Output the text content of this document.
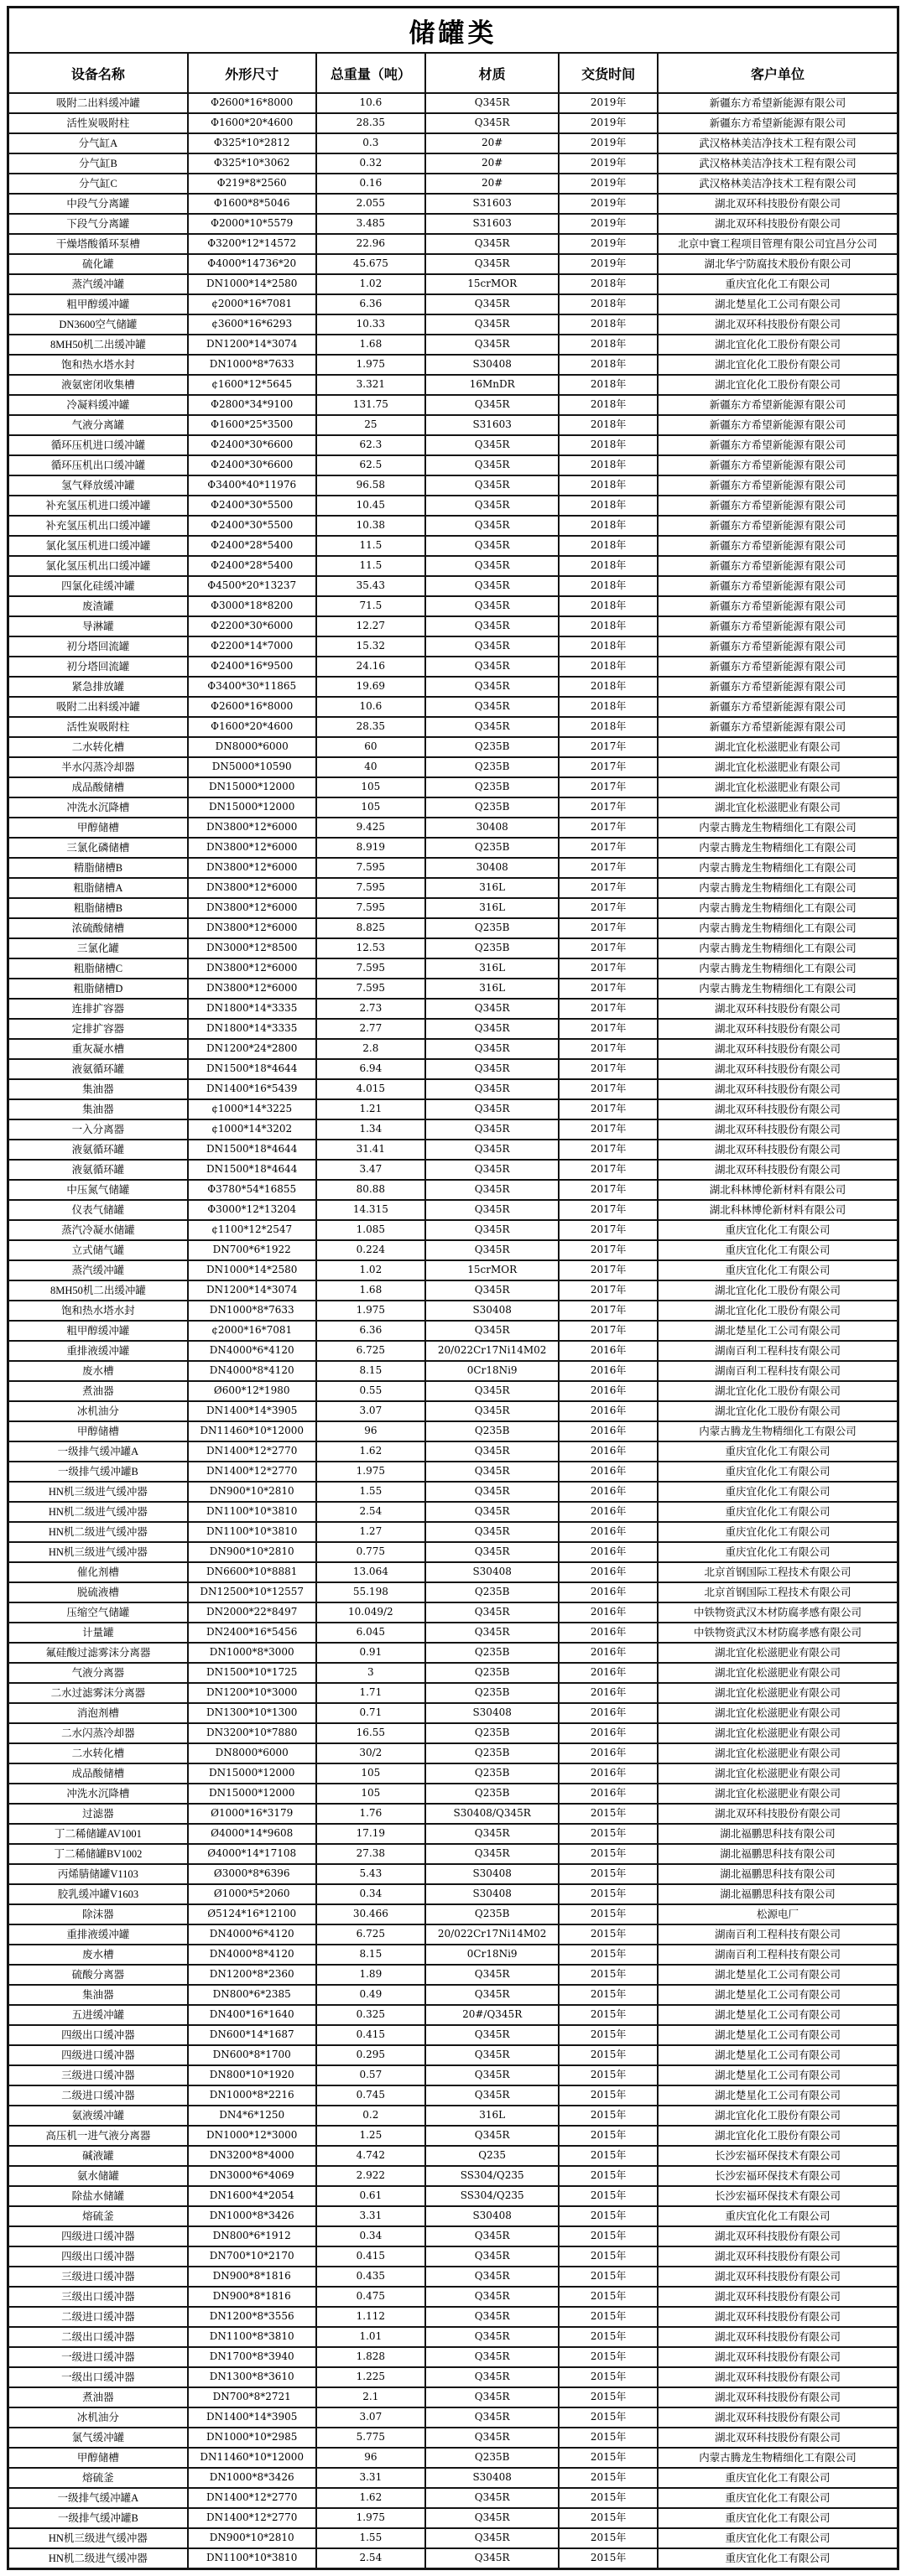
储罐类					
设备名称	外形尺寸	总重量（吨）	材质	交货时间	客户单位
吸附二出料缓冲罐	Φ2600*16*8000	10.6	Q345R	2019年	新疆东方希望新能源有限公司
活性炭吸附柱	Φ1600*20*4600	28.35	Q345R	2019年	新疆东方希望新能源有限公司
分气缸A	Φ325*10*2812	0.3	20#	2019年	武汉格林美洁净技术工程有限公司
分气缸B	Φ325*10*3062	0.32	20#	2019年	武汉格林美洁净技术工程有限公司
分气缸C	Φ219*8*2560	0.16	20#	2019年	武汉格林美洁净技术工程有限公司
中段气分离罐	Φ1600*8*5046	2.055	S31603	2019年	湖北双环科技股份有限公司
下段气分离罐	Φ2000*10*5579	3.485	S31603	2019年	湖北双环科技股份有限公司
干燥塔酸循环泵槽	Φ3200*12*14572	22.96	Q345R	2019年	北京中寰工程项目管理有限公司宜昌分公司
硫化罐	Φ4000*14736*20	45.675	Q345R	2019年	湖北华宁防腐技术股份有限公司
蒸汽缓冲罐	DN1000*14*2580	1.02	15crMOR	2018年	重庆宜化化工有限公司
粗甲醇缓冲罐	¢2000*16*7081	6.36	Q345R	2018年	湖北楚星化工公司有限公司
DN3600空气储罐	¢3600*16*6293	10.33	Q345R	2018年	湖北双环科技股份有限公司
8MH50机二出缓冲罐	DN1200*14*3074	1.68	Q345R	2018年	湖北宜化化工股份有限公司
饱和热水塔水封	DN1000*8*7633	1.975	S30408	2018年	湖北宜化化工股份有限公司
液氨密闭收集槽	¢1600*12*5645	3.321	16MnDR	2018年	湖北宜化化工股份有限公司
冷凝料缓冲罐	Φ2800*34*9100	131.75	Q345R	2018年	新疆东方希望新能源有限公司
气液分离罐	Φ1600*25*3500	25	S31603	2018年	新疆东方希望新能源有限公司
循环压机进口缓冲罐	Φ2400*30*6600	62.3	Q345R	2018年	新疆东方希望新能源有限公司
循环压机出口缓冲罐	Φ2400*30*6600	62.5	Q345R	2018年	新疆东方希望新能源有限公司
氢气释放缓冲罐	Φ3400*40*11976	96.58	Q345R	2018年	新疆东方希望新能源有限公司
补充氢压机进口缓冲罐	Φ2400*30*5500	10.45	Q345R	2018年	新疆东方希望新能源有限公司
补充氢压机出口缓冲罐	Φ2400*30*5500	10.38	Q345R	2018年	新疆东方希望新能源有限公司
氯化氢压机进口缓冲罐	Φ2400*28*5400	11.5	Q345R	2018年	新疆东方希望新能源有限公司
氯化氢压机出口缓冲罐	Φ2400*28*5400	11.5	Q345R	2018年	新疆东方希望新能源有限公司
四氯化硅缓冲罐	Φ4500*20*13237	35.43	Q345R	2018年	新疆东方希望新能源有限公司
废渣罐	Φ3000*18*8200	71.5	Q345R	2018年	新疆东方希望新能源有限公司
导淋罐	Φ2200*30*6000	12.27	Q345R	2018年	新疆东方希望新能源有限公司
初分塔回流罐	Φ2200*14*7000	15.32	Q345R	2018年	新疆东方希望新能源有限公司
初分塔回流罐	Φ2400*16*9500	24.16	Q345R	2018年	新疆东方希望新能源有限公司
紧急排放罐	Φ3400*30*11865	19.69	Q345R	2018年	新疆东方希望新能源有限公司
吸附二出料缓冲罐	Φ2600*16*8000	10.6	Q345R	2018年	新疆东方希望新能源有限公司
活性炭吸附柱	Φ1600*20*4600	28.35	Q345R	2018年	新疆东方希望新能源有限公司
二水转化槽	DN8000*6000	60	Q235B	2017年	湖北宜化松滋肥业有限公司
半水闪蒸冷却器	DN5000*10590	40	Q235B	2017年	湖北宜化松滋肥业有限公司
成品酸储槽	DN15000*12000	105	Q235B	2017年	湖北宜化松滋肥业有限公司
冲洗水沉降槽	DN15000*12000	105	Q235B	2017年	湖北宜化松滋肥业有限公司
甲醇储槽	DN3800*12*6000	9.425	30408	2017年	内蒙古腾龙生物精细化工有限公司
三氯化磷储槽	DN3800*12*6000	8.919	Q235B	2017年	内蒙古腾龙生物精细化工有限公司
精脂储槽B	DN3800*12*6000	7.595	30408	2017年	内蒙古腾龙生物精细化工有限公司
粗脂储槽A	DN3800*12*6000	7.595	316L	2017年	内蒙古腾龙生物精细化工有限公司
粗脂储槽B	DN3800*12*6000	7.595	316L	2017年	内蒙古腾龙生物精细化工有限公司
浓硫酸储槽	DN3800*12*6000	8.825	Q235B	2017年	内蒙古腾龙生物精细化工有限公司
三氯化罐	DN3000*12*8500	12.53	Q235B	2017年	内蒙古腾龙生物精细化工有限公司
粗脂储槽C	DN3800*12*6000	7.595	316L	2017年	内蒙古腾龙生物精细化工有限公司
粗脂储槽D	DN3800*12*6000	7.595	316L	2017年	内蒙古腾龙生物精细化工有限公司
连排扩容器	DN1800*14*3335	2.73	Q345R	2017年	湖北双环科技股份有限公司
定排扩容器	DN1800*14*3335	2.77	Q345R	2017年	湖北双环科技股份有限公司
重灰凝水槽	DN1200*24*2800	2.8	Q345R	2017年	湖北双环科技股份有限公司
液氨循环罐	DN1500*18*4644	6.94	Q345R	2017年	湖北双环科技股份有限公司
集油器	DN1400*16*5439	4.015	Q345R	2017年	湖北双环科技股份有限公司
集油器	¢1000*14*3225	1.21	Q345R	2017年	湖北双环科技股份有限公司
一入分离器	¢1000*14*3202	1.34	Q345R	2017年	湖北双环科技股份有限公司
液氨循环罐	DN1500*18*4644	31.41	Q345R	2017年	湖北双环科技股份有限公司
液氨循环罐	DN1500*18*4644	3.47	Q345R	2017年	湖北双环科技股份有限公司
中压氮气储罐	Φ3780*54*16855	80.88	Q345R	2017年	湖北科林博伦新材料有限公司
仪表气储罐	Φ3000*12*13204	14.315	Q345R	2017年	湖北科林博伦新材料有限公司
蒸汽冷凝水储罐	¢1100*12*2547	1.085	Q345R	2017年	重庆宜化化工有限公司
立式储气罐	DN700*6*1922	0.224	Q345R	2017年	重庆宜化化工有限公司
蒸汽缓冲罐	DN1000*14*2580	1.02	15crMOR	2017年	重庆宜化化工有限公司
8MH50机二出缓冲罐	DN1200*14*3074	1.68	Q345R	2017年	湖北宜化化工股份有限公司
饱和热水塔水封	DN1000*8*7633	1.975	S30408	2017年	湖北宜化化工股份有限公司
粗甲醇缓冲罐	¢2000*16*7081	6.36	Q345R	2017年	湖北楚星化工公司有限公司
重排液缓冲罐	DN4000*6*4120	6.725	20/022Cr17Ni14M02	2016年	湖南百利工程科技有限公司
废水槽	DN4000*8*4120	8.15	0Cr18Ni9	2016年	湖南百利工程科技有限公司
煮油器	Ø600*12*1980	0.55	Q345R	2016年	湖北宜化化工股份有限公司
冰机油分	DN1400*14*3905	3.07	Q345R	2016年	湖北宜化化工股份有限公司
甲醇储槽	DN11460*10*12000	96	Q235B	2016年	内蒙古腾龙生物精细化工有限公司
一级排气缓冲罐A	DN1400*12*2770	1.62	Q345R	2016年	重庆宜化化工有限公司
一级排气缓冲罐B	DN1400*12*2770	1.975	Q345R	2016年	重庆宜化化工有限公司
HN机三级进气缓冲器	DN900*10*2810	1.55	Q345R	2016年	重庆宜化化工有限公司
HN机二级进气缓冲器	DN1100*10*3810	2.54	Q345R	2016年	重庆宜化化工有限公司
HN机二级进气缓冲器	DN1100*10*3810	1.27	Q345R	2016年	重庆宜化化工有限公司
HN机三级进气缓冲器	DN900*10*2810	0.775	Q345R	2016年	重庆宜化化工有限公司
催化剂槽	DN6600*10*8881	13.064	S30408	2016年	北京首钢国际工程技术有限公司
脱硫液槽	DN12500*10*12557	55.198	Q235B	2016年	北京首钢国际工程技术有限公司
压缩空气储罐	DN2000*22*8497	10.049/2	Q345R	2016年	中铁物资武汉木材防腐孝感有限公司
计量罐	DN2400*16*5456	6.045	Q345R	2016年	中铁物资武汉木材防腐孝感有限公司
氟硅酸过滤雾沫分离器	DN1000*8*3000	0.91	Q235B	2016年	湖北宜化松滋肥业有限公司
气液分离器	DN1500*10*1725	3	Q235B	2016年	湖北宜化松滋肥业有限公司
二水过滤雾沫分离器	DN1200*10*3000	1.71	Q235B	2016年	湖北宜化松滋肥业有限公司
消泡剂槽	DN1300*10*1300	0.71	S30408	2016年	湖北宜化松滋肥业有限公司
二水闪蒸冷却器	DN3200*10*7880	16.55	Q235B	2016年	湖北宜化松滋肥业有限公司
二水转化槽	DN8000*6000	30/2	Q235B	2016年	湖北宜化松滋肥业有限公司
成品酸储槽	DN15000*12000	105	Q235B	2016年	湖北宜化松滋肥业有限公司
冲洗水沉降槽	DN15000*12000	105	Q235B	2016年	湖北宜化松滋肥业有限公司
过滤器	Ø1000*16*3179	1.76	S30408/Q345R	2015年	湖北双环科技股份有限公司
丁二稀储罐AV1001	Ø4000*14*9608	17.19	Q345R	2015年	湖北福鹏思科技有限公司
丁二稀储罐BV1002	Ø4000*14*17108	27.38	Q345R	2015年	湖北福鹏思科技有限公司
丙烯腈储罐V1103	Ø3000*8*6396	5.43	S30408	2015年	湖北福鹏思科技有限公司
胶乳缓冲罐V1603	Ø1000*5*2060	0.34	S30408	2015年	湖北福鹏思科技有限公司
除沫器	Ø5124*16*12100	30.466	Q235B	2015年	松源电厂
重排液缓冲罐	DN4000*6*4120	6.725	20/022Cr17Ni14M02	2015年	湖南百利工程科技有限公司
废水槽	DN4000*8*4120	8.15	0Cr18Ni9	2015年	湖南百利工程科技有限公司
硫酸分离器	DN1200*8*2360	1.89	Q345R	2015年	湖北楚星化工公司有限公司
集油器	DN800*6*2385	0.49	Q345R	2015年	湖北楚星化工公司有限公司
五进缓冲罐	DN400*16*1640	0.325	20#/Q345R	2015年	湖北楚星化工公司有限公司
四级出口缓冲器	DN600*14*1687	0.415	Q345R	2015年	湖北楚星化工公司有限公司
四级进口缓冲器	DN600*8*1700	0.295	Q345R	2015年	湖北楚星化工公司有限公司
三级进口缓冲器	DN800*10*1920	0.57	Q345R	2015年	湖北楚星化工公司有限公司
二级进口缓冲器	DN1000*8*2216	0.745	Q345R	2015年	湖北楚星化工公司有限公司
氨液缓冲罐	DN4*6*1250	0.2	316L	2015年	湖北宜化化工股份有限公司
高压机一进气液分离器	DN1000*12*3000	1.25	Q345R	2015年	湖北宜化化工股份有限公司
碱液罐	DN3200*8*4000	4.742	Q235	2015年	长沙宏福环保技术有限公司
氨水储罐	DN3000*6*4069	2.922	SS304/Q235	2015年	长沙宏福环保技术有限公司
除盐水储罐	DN1600*4*2054	0.61	SS304/Q235	2015年	长沙宏福环保技术有限公司
熔硫釜	DN1000*8*3426	3.31	S30408	2015年	重庆宜化化工有限公司
四级进口缓冲器	DN800*6*1912	0.34	Q345R	2015年	湖北双环科技股份有限公司
四级出口缓冲器	DN700*10*2170	0.415	Q345R	2015年	湖北双环科技股份有限公司
三级进口缓冲器	DN900*8*1816	0.435	Q345R	2015年	湖北双环科技股份有限公司
三级出口缓冲器	DN900*8*1816	0.475	Q345R	2015年	湖北双环科技股份有限公司
二级进口缓冲器	DN1200*8*3556	1.112	Q345R	2015年	湖北双环科技股份有限公司
二级出口缓冲器	DN1100*8*3810	1.01	Q345R	2015年	湖北双环科技股份有限公司
一级进口缓冲器	DN1700*8*3940	1.828	Q345R	2015年	湖北双环科技股份有限公司
一级出口缓冲器	DN1300*8*3610	1.225	Q345R	2015年	湖北双环科技股份有限公司
煮油器	DN700*8*2721	2.1	Q345R	2015年	湖北双环科技股份有限公司
冰机油分	DN1400*14*3905	3.07	Q345R	2015年	湖北双环科技股份有限公司
氯气缓冲罐	DN1000*10*2985	5.775	Q345R	2015年	湖北双环科技股份有限公司
甲醇储槽	DN11460*10*12000	96	Q235B	2015年	内蒙古腾龙生物精细化工有限公司
熔硫釜	DN1000*8*3426	3.31	S30408	2015年	重庆宜化化工有限公司
一级排气缓冲罐A	DN1400*12*2770	1.62	Q345R	2015年	重庆宜化化工有限公司
一级排气缓冲罐B	DN1400*12*2770	1.975	Q345R	2015年	重庆宜化化工有限公司
HN机三级进气缓冲器	DN900*10*2810	1.55	Q345R	2015年	重庆宜化化工有限公司
HN机二级进气缓冲器	DN1100*10*3810	2.54	Q345R	2015年	重庆宜化化工有限公司
